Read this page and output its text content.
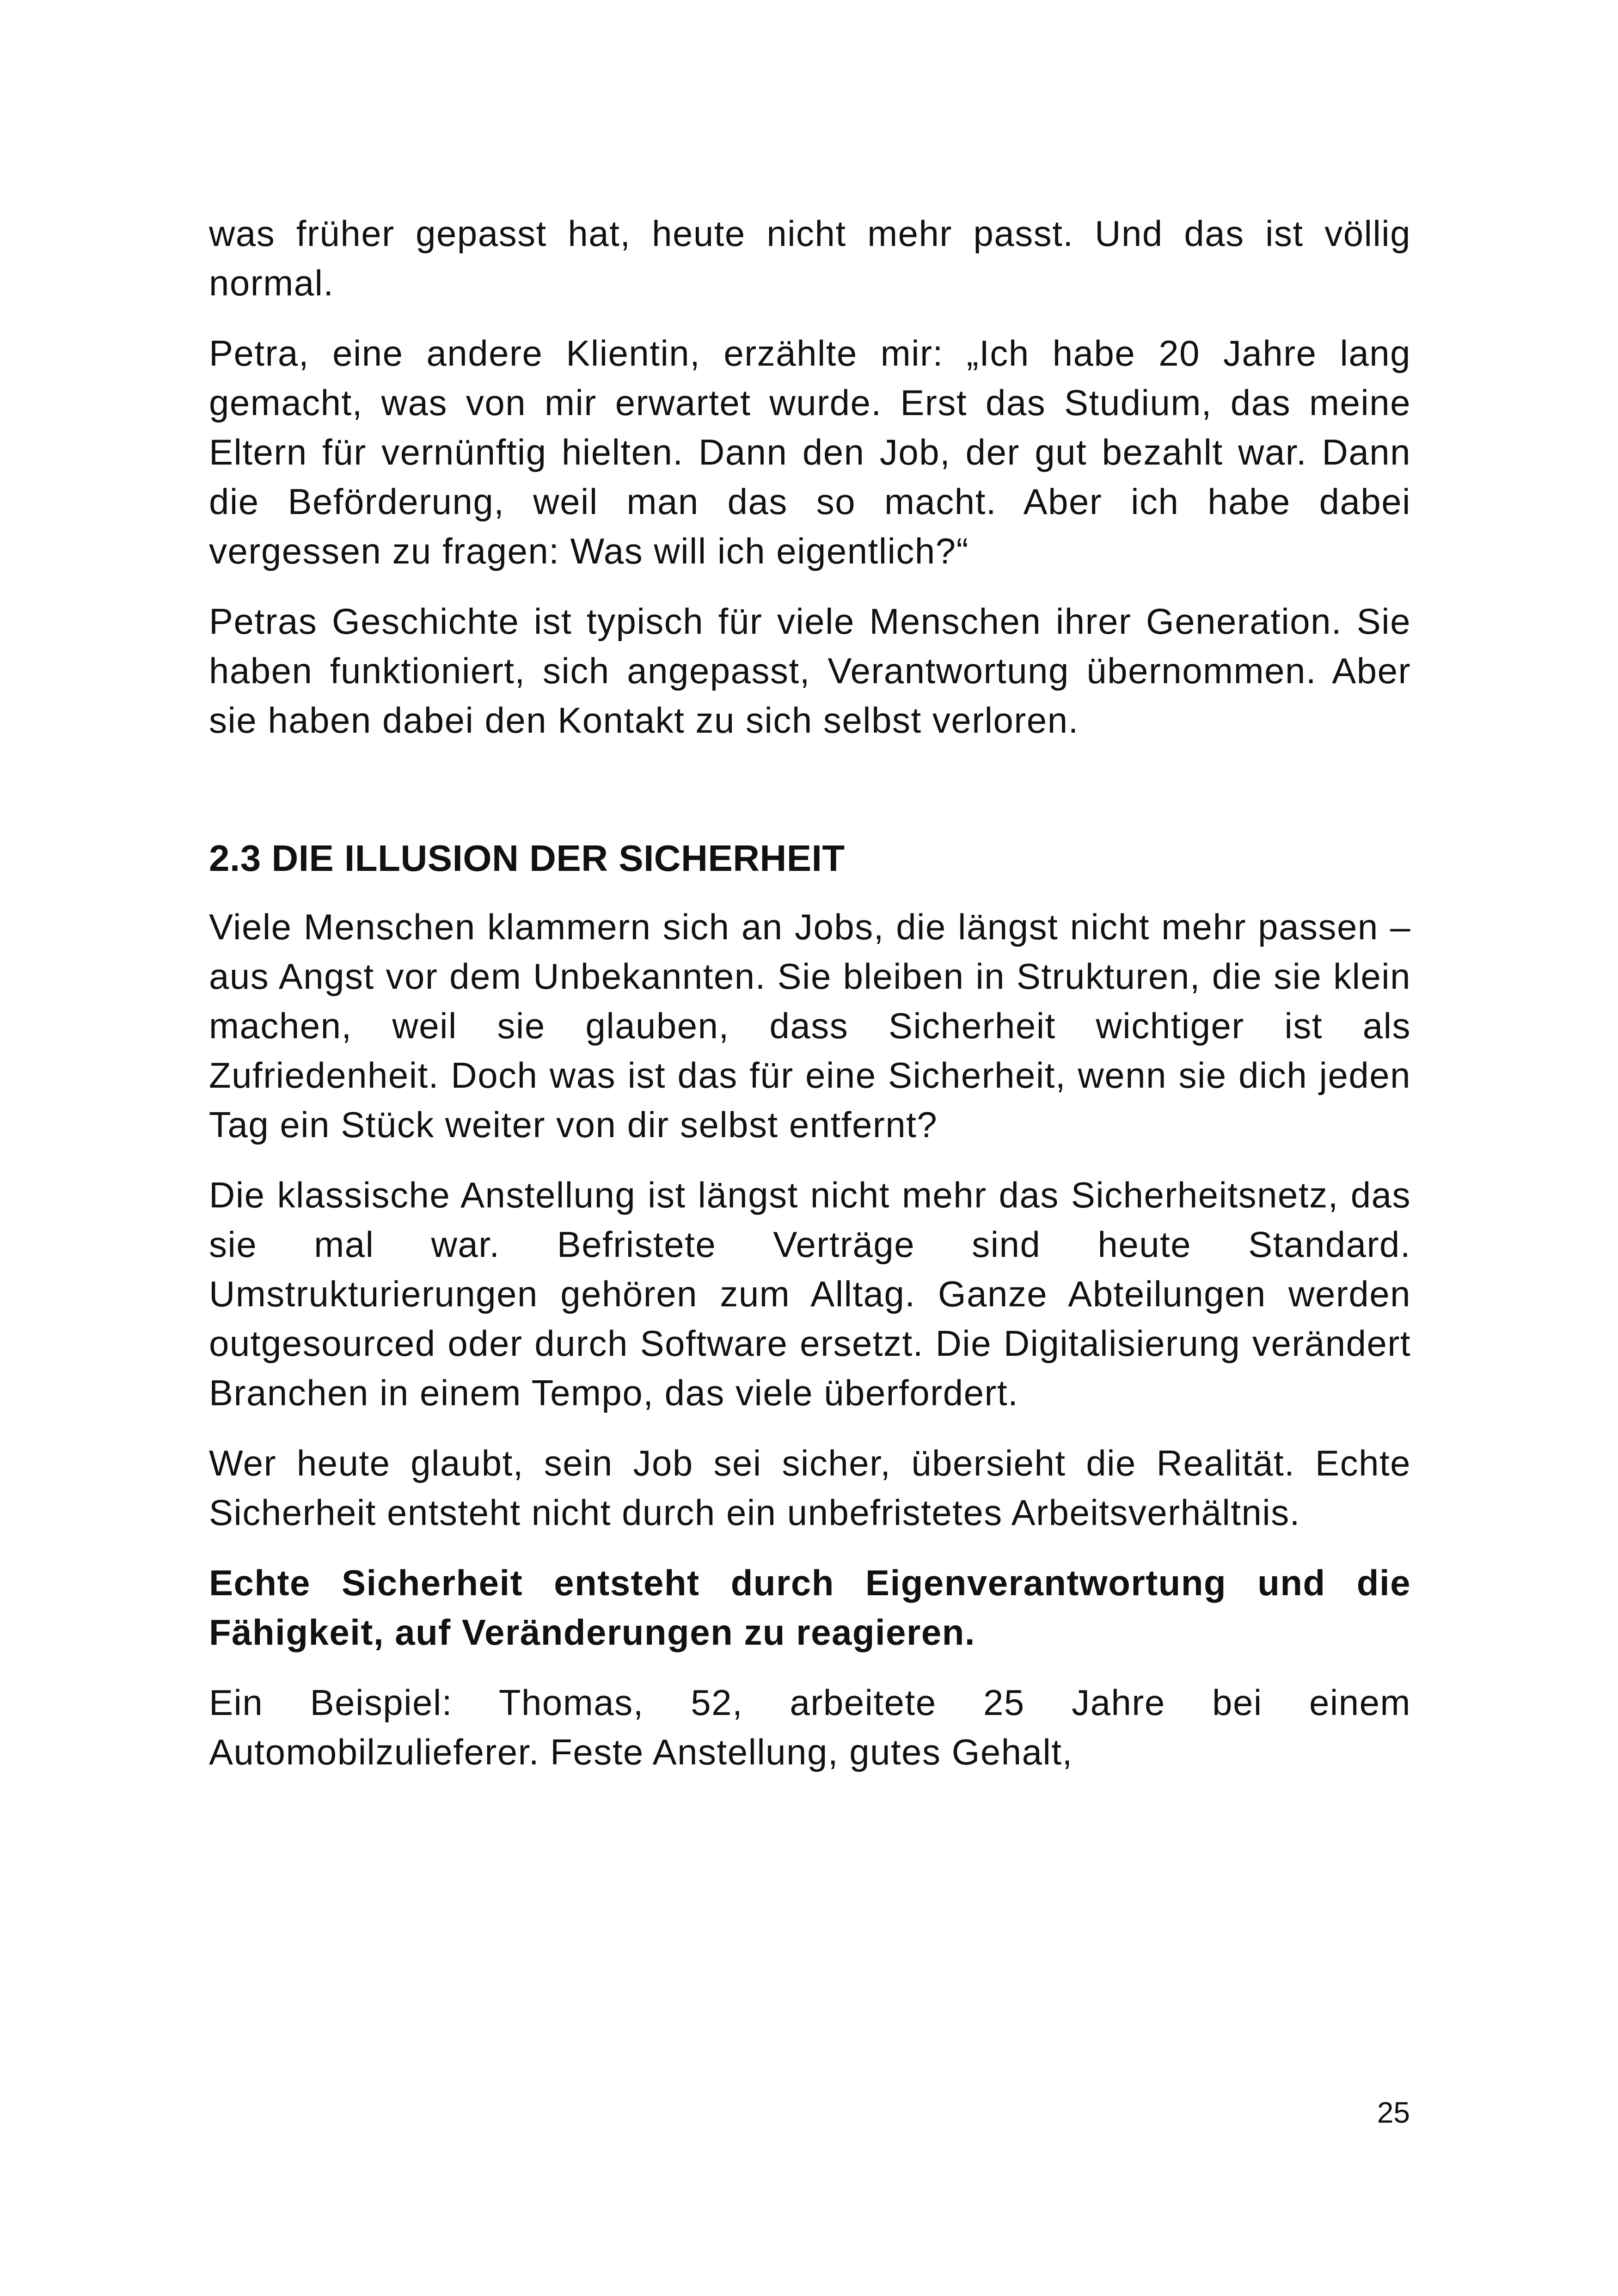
was früher gepasst hat, heute nicht mehr passt. Und das ist völlig normal.

Petra, eine andere Klientin, erzählte mir: „Ich habe 20 Jahre lang gemacht, was von mir erwartet wurde. Erst das Studium, das meine Eltern für vernünftig hielten. Dann den Job, der gut bezahlt war. Dann die Beförderung, weil man das so macht. Aber ich habe dabei vergessen zu fragen: Was will ich eigentlich?“

Petras Geschichte ist typisch für viele Menschen ihrer Generation. Sie haben funktioniert, sich angepasst, Verantwortung übernommen. Aber sie haben dabei den Kontakt zu sich selbst verloren.

2.3 DIE ILLUSION DER SICHERHEIT

Viele Menschen klammern sich an Jobs, die längst nicht mehr passen – aus Angst vor dem Unbekannten. Sie bleiben in Strukturen, die sie klein machen, weil sie glauben, dass Sicherheit wichtiger ist als Zufriedenheit. Doch was ist das für eine Sicherheit, wenn sie dich jeden Tag ein Stück weiter von dir selbst entfernt?

Die klassische Anstellung ist längst nicht mehr das Sicherheitsnetz, das sie mal war. Befristete Verträge sind heute Standard. Umstrukturierungen gehören zum Alltag. Ganze Abteilungen werden outgesourced oder durch Software ersetzt. Die Digitalisierung verändert Branchen in einem Tempo, das viele überfordert.

Wer heute glaubt, sein Job sei sicher, übersieht die Realität. Echte Sicherheit entsteht nicht durch ein unbefristetes Arbeitsverhältnis.

Echte Sicherheit entsteht durch Eigenverantwortung und die Fähigkeit, auf Veränderungen zu reagieren.

Ein Beispiel: Thomas, 52, arbeitete 25 Jahre bei einem Automobilzulieferer. Feste Anstellung, gutes Gehalt,

25
